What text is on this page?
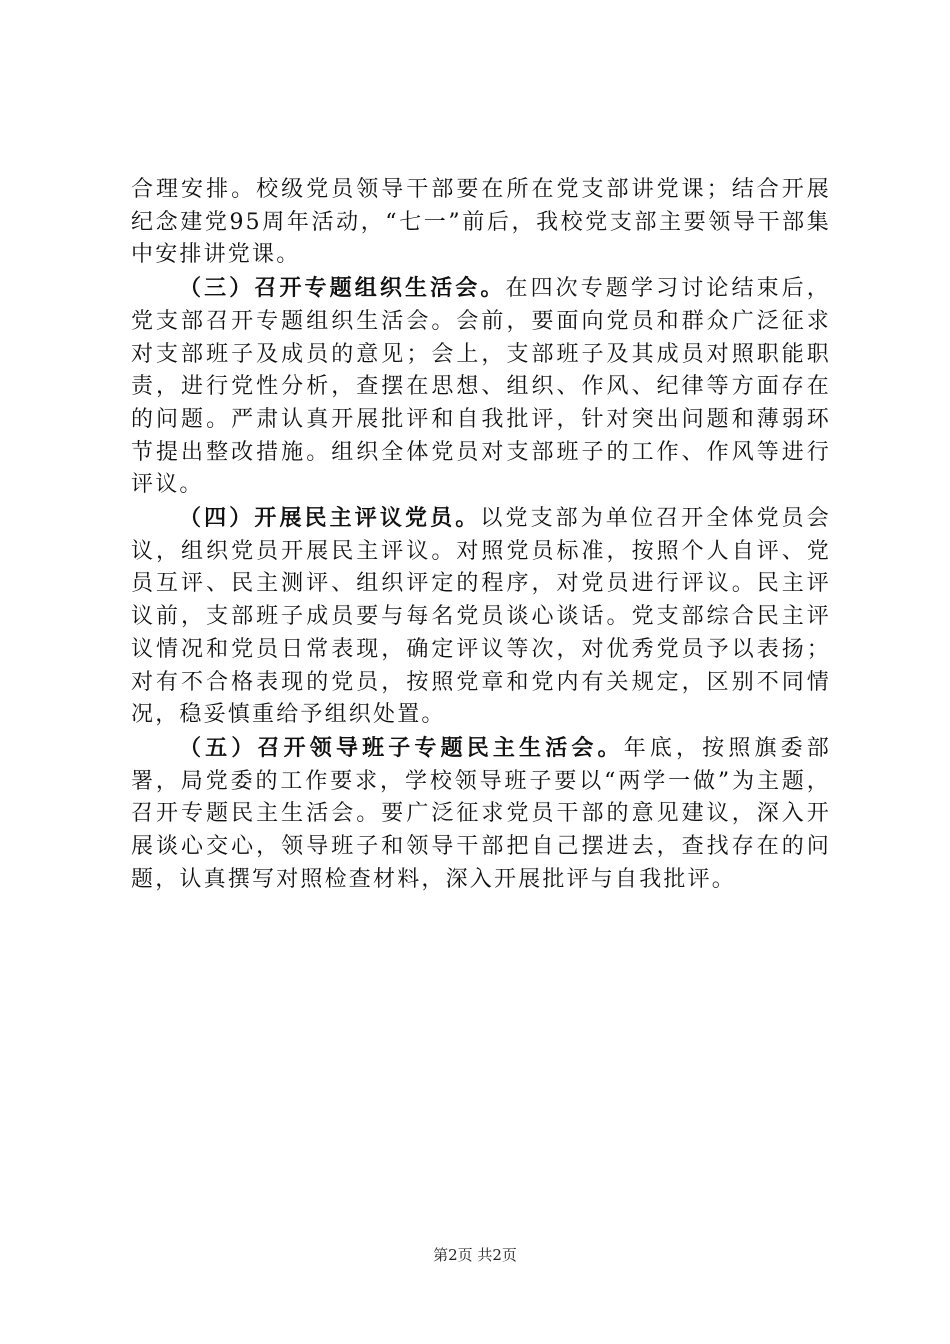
合理安排。校级党员领导干部要在所在党支部讲党课；结合开展纪念建党95周年活动，“七一”前后，我校党支部主要领导干部集中安排讲党课。

（三）召开专题组织生活会。在四次专题学习讨论结束后，党支部召开专题组织生活会。会前，要面向党员和群众广泛征求对支部班子及成员的意见；会上，支部班子及其成员对照职能职责，进行党性分析，查摆在思想、组织、作风、纪律等方面存在的问题。严肃认真开展批评和自我批评，针对突出问题和薄弱环节提出整改措施。组织全体党员对支部班子的工作、作风等进行评议。

（四）开展民主评议党员。以党支部为单位召开全体党员会议，组织党员开展民主评议。对照党员标准，按照个人自评、党员互评、民主测评、组织评定的程序，对党员进行评议。民主评议前，支部班子成员要与每名党员谈心谈话。党支部综合民主评议情况和党员日常表现，确定评议等次，对优秀党员予以表扬；对有不合格表现的党员，按照党章和党内有关规定，区别不同情况，稳妥慎重给予组织处置。

（五）召开领导班子专题民主生活会。年底，按照旗委部署，局党委的工作要求，学校领导班子要以“两学一做”为主题，召开专题民主生活会。要广泛征求党员干部的意见建议，深入开展谈心交心，领导班子和领导干部把自己摆进去，查找存在的问题，认真撰写对照检查材料，深入开展批评与自我批评。

第2页 共2页
